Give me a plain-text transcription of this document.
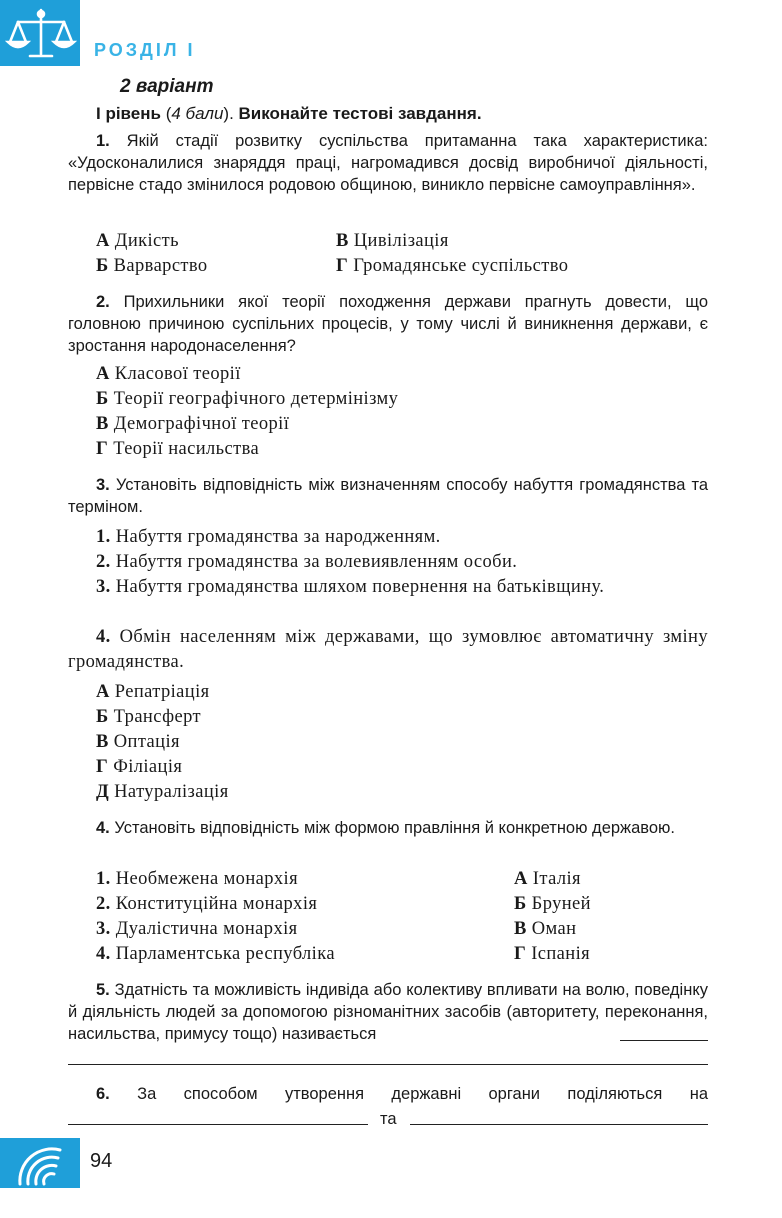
РОЗДІЛ І
2 варіант
І рівень (4 бали). Виконайте тестові завдання.
1. Якій стадії розвитку суспільства притаманна така характеристика: «Удосконалилися знаряддя праці, нагромадився досвід виробничої діяльності, первісне стадо змінилося родовою общиною, виникло первісне самоуправління».
А Дикість
Б Варварство
В Цивілізація
Г Громадянське суспільство
2. Прихильники якої теорії походження держави прагнуть довести, що головною причиною суспільних процесів, у тому числі й виникнення держави, є зростання народонаселення?
А Класової теорії
Б Теорії географічного детермінізму
В Демографічної теорії
Г Теорії насильства
3. Установіть відповідність між визначенням способу набуття громадянства та терміном.
1. Набуття громадянства за народженням.
2. Набуття громадянства за волевиявленням особи.
3. Набуття громадянства шляхом повернення на батьківщину.
4. Обмін населенням між державами, що зумовлює автоматичну зміну громадянства.
А Репатріація
Б Трансферт
В Оптація
Г Філіація
Д Натуралізація
4. Установіть відповідність між формою правління й конкретною державою.
1. Необмежена монархія
2. Конституційна монархія
3. Дуалістична монархія
4. Парламентська республіка
А Італія
Б Бруней
В Оман
Г Іспанія
5. Здатність та можливість індивіда або колективу впливати на волю, поведінку й діяльність людей за допомогою різноманітних засобів (авторитету, переконання, насильства, примусу тощо) називається
6. За способом утворення державні органи поділяються на
та
94
